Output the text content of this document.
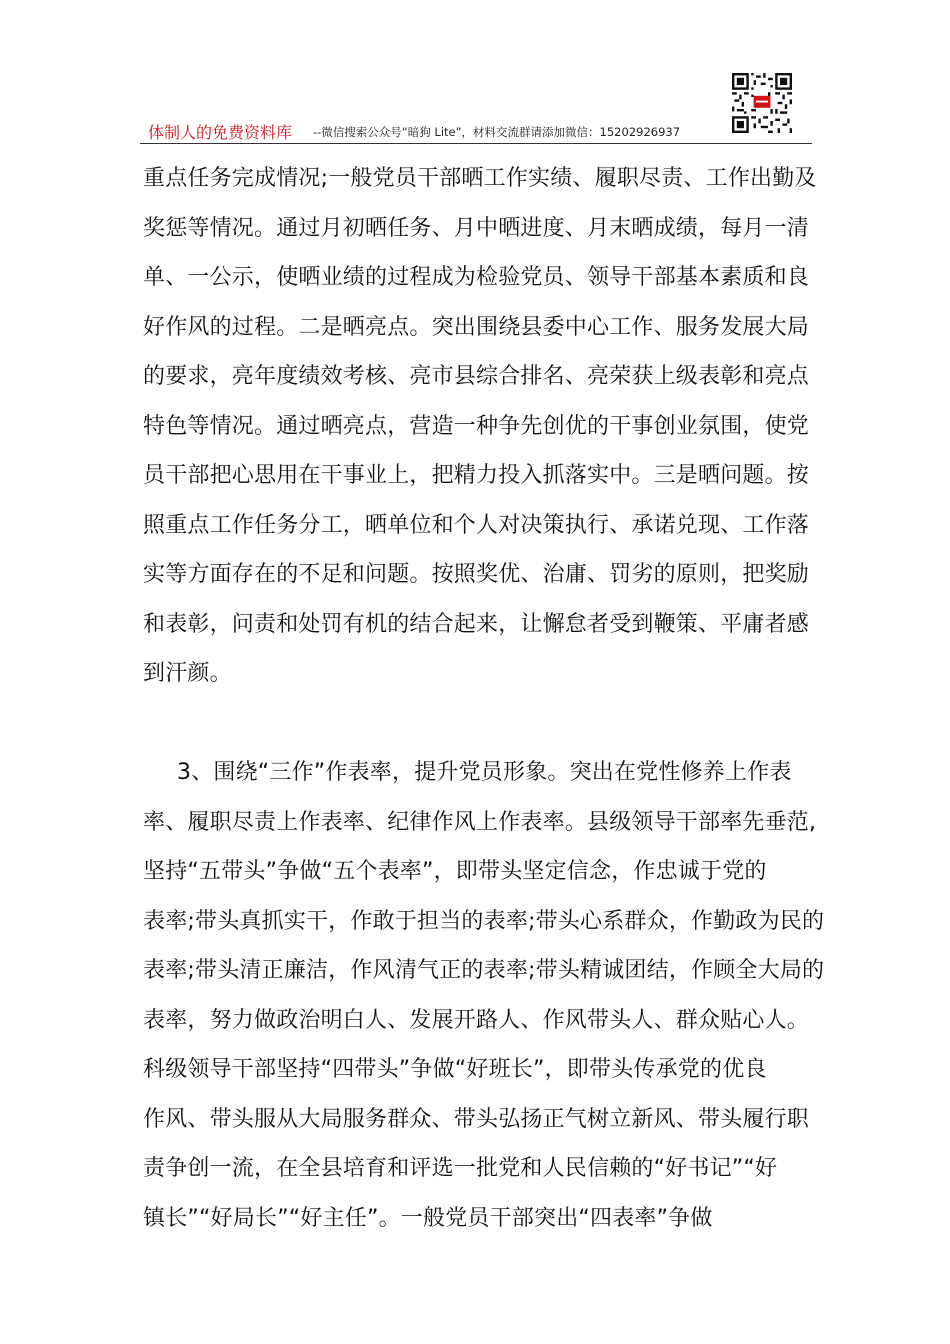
体制人的免费资料库 --微信搜索公众号“暗狗 Lite”，材料交流群请添加微信：15202926937
重点任务完成情况;一般党员干部晒工作实绩、履职尽责、工作出勤及
奖惩等情况。通过月初晒任务、月中晒进度、月末晒成绩，每月一清
单、一公示，使晒业绩的过程成为检验党员、领导干部基本素质和良
好作风的过程。二是晒亮点。突出围绕县委中心工作、服务发展大局
的要求，亮年度绩效考核、亮市县综合排名、亮荣获上级表彰和亮点
特色等情况。通过晒亮点，营造一种争先创优的干事创业氛围，使党
员干部把心思用在干事业上，把精力投入抓落实中。三是晒问题。按
照重点工作任务分工，晒单位和个人对决策执行、承诺兑现、工作落
实等方面存在的不足和问题。按照奖优、治庸、罚劣的原则，把奖励
和表彰，问责和处罚有机的结合起来，让懈怠者受到鞭策、平庸者感
到汗颜。
3、围绕“三作”作表率，提升党员形象。突出在党性修养上作表
率、履职尽责上作表率、纪律作风上作表率。县级领导干部率先垂范,
坚持“五带头”争做“五个表率”，即带头坚定信念，作忠诚于党的
表率;带头真抓实干，作敢于担当的表率;带头心系群众，作勤政为民的
表率;带头清正廉洁，作风清气正的表率;带头精诚团结，作顾全大局的
表率，努力做政治明白人、发展开路人、作风带头人、群众贴心人。
科级领导干部坚持“四带头”争做“好班长”，即带头传承党的优良
作风、带头服从大局服务群众、带头弘扬正气树立新风、带头履行职
责争创一流，在全县培育和评选一批党和人民信赖的“好书记”“好
镇长”“好局长”“好主任”。一般党员干部突出“四表率”争做
